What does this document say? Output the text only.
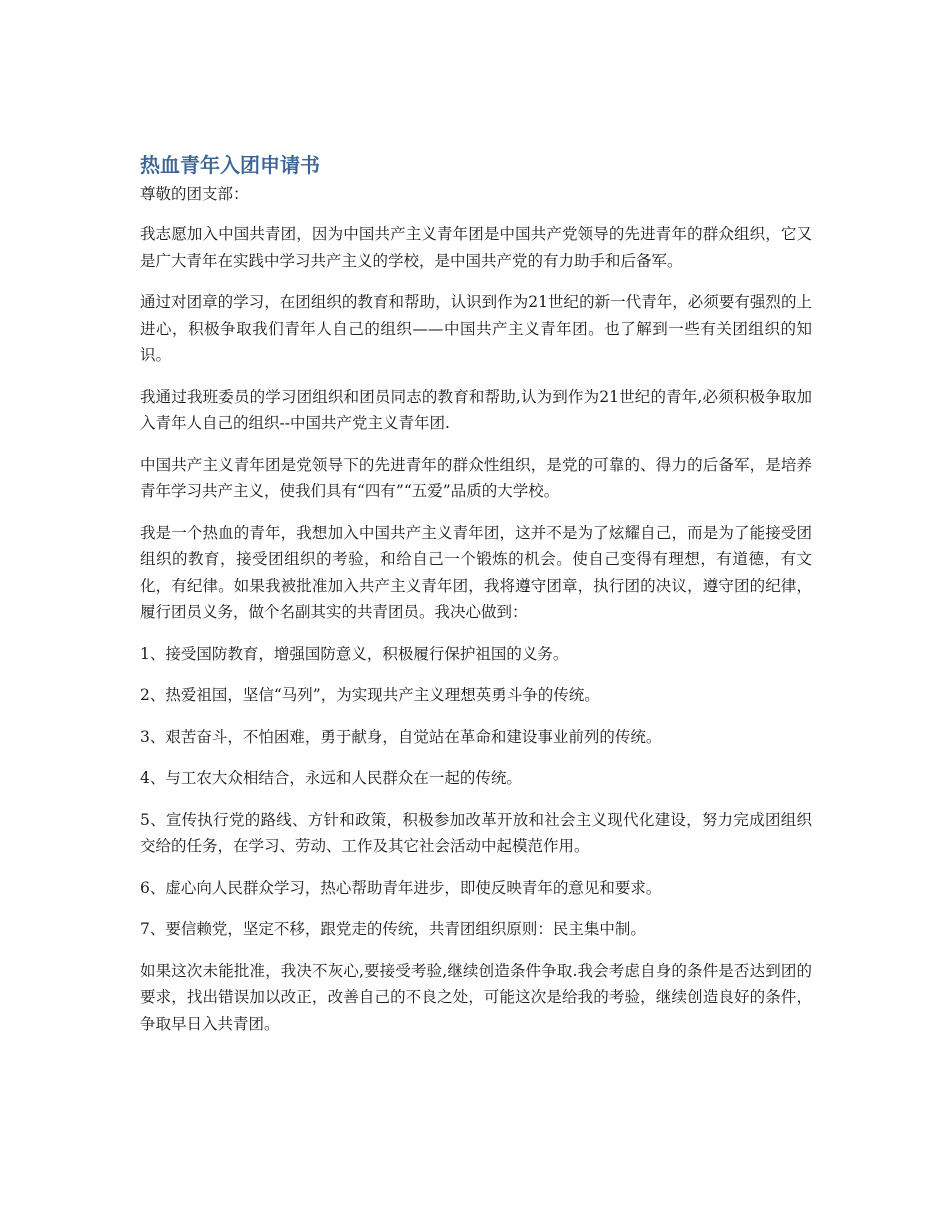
热血青年入团申请书

尊敬的团支部：

我志愿加入中国共青团，因为中国共产主义青年团是中国共产党领导的先进青年的群众组织，它又是广大青年在实践中学习共产主义的学校，是中国共产党的有力助手和后备军。

通过对团章的学习，在团组织的教育和帮助，认识到作为21世纪的新一代青年，必须要有强烈的上进心，积极争取我们青年人自己的组织——中国共产主义青年团。也了解到一些有关团组织的知识。

我通过我班委员的学习团组织和团员同志的教育和帮助,认为到作为21世纪的青年,必须积极争取加入青年人自己的组织--中国共产党主义青年团.

中国共产主义青年团是党领导下的先进青年的群众性组织，是党的可靠的、得力的后备军，是培养青年学习共产主义，使我们具有“四有”“五爱”品质的大学校。

我是一个热血的青年，我想加入中国共产主义青年团，这并不是为了炫耀自己，而是为了能接受团组织的教育，接受团组织的考验，和给自己一个锻炼的机会。使自己变得有理想，有道德，有文化，有纪律。如果我被批准加入共产主义青年团，我将遵守团章，执行团的决议，遵守团的纪律，履行团员义务，做个名副其实的共青团员。我决心做到：

1、接受国防教育，增强国防意义，积极履行保护祖国的义务。

2、热爱祖国，坚信“马列”，为实现共产主义理想英勇斗争的传统。

3、艰苦奋斗，不怕困难，勇于献身，自觉站在革命和建设事业前列的传统。

4、与工农大众相结合，永远和人民群众在一起的传统。

5、宣传执行党的路线、方针和政策，积极参加改革开放和社会主义现代化建设，努力完成团组织交给的任务，在学习、劳动、工作及其它社会活动中起模范作用。

6、虚心向人民群众学习，热心帮助青年进步，即使反映青年的意见和要求。

7、要信赖党，坚定不移，跟党走的传统，共青团组织原则：民主集中制。

如果这次未能批准，我决不灰心,要接受考验,继续创造条件争取.我会考虑自身的条件是否达到团的要求，找出错误加以改正，改善自己的不良之处，可能这次是给我的考验，继续创造良好的条件，争取早日入共青团。
